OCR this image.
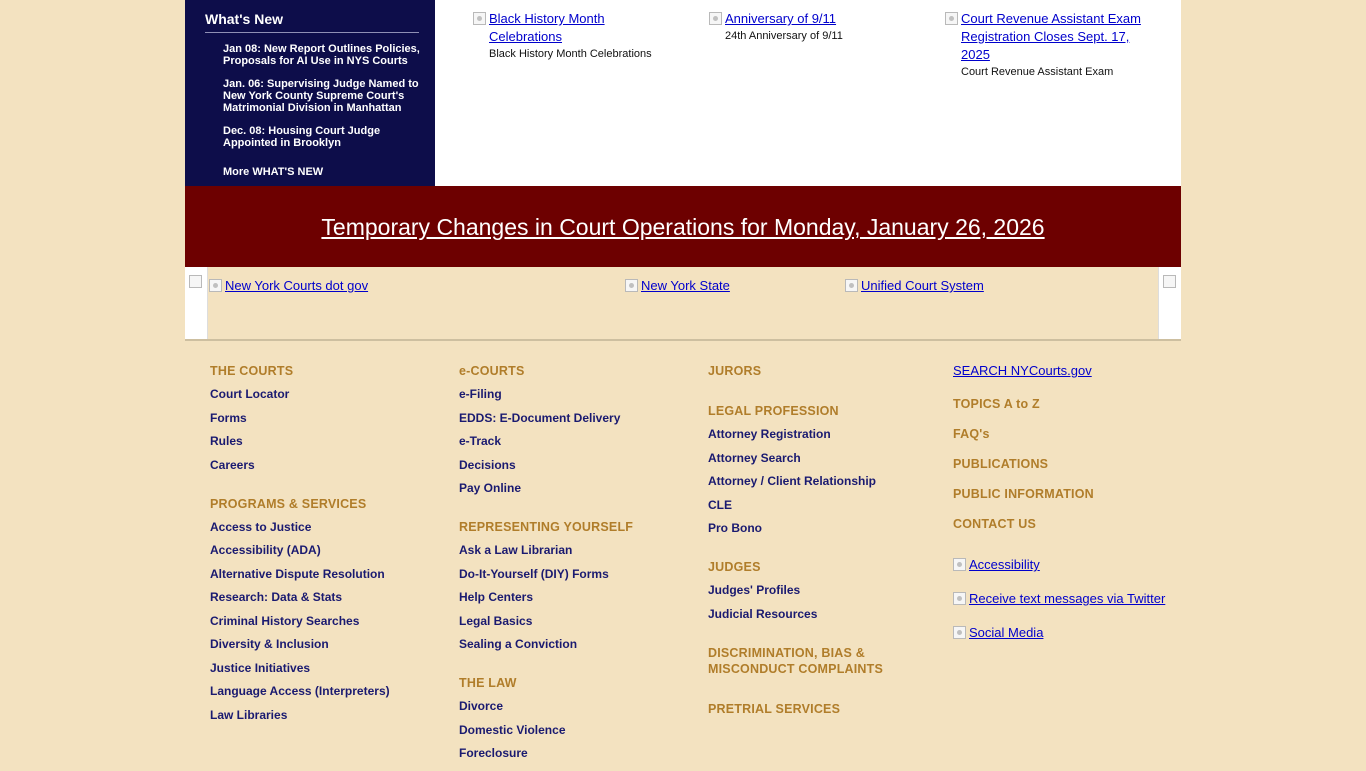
What's New
Jan 08: New Report Outlines Policies, Proposals for AI Use in NYS Courts
Jan. 06: Supervising Judge Named to New York County Supreme Court's Matrimonial Division in Manhattan
Dec. 08: Housing Court Judge Appointed in Brooklyn
More WHAT'S NEW
Black History Month Celebrations
Black History Month Celebrations
Anniversary of 9/11
24th Anniversary of 9/11
Court Revenue Assistant Exam Registration Closes Sept. 17, 2025
Court Revenue Assistant Exam
Temporary Changes in Court Operations for Monday, January 26, 2026
New York Courts dot gov	New York State	Unified Court System
THE COURTS
Court Locator
Forms
Rules
Careers
PROGRAMS & SERVICES
Access to Justice
Accessibility (ADA)
Alternative Dispute Resolution
Research: Data & Stats
Criminal History Searches
Diversity & Inclusion
Justice Initiatives
Language Access (Interpreters)
Law Libraries
e-COURTS
e-Filing
EDDS: E-Document Delivery
e-Track
Decisions
Pay Online
REPRESENTING YOURSELF
Ask a Law Librarian
Do-It-Yourself (DIY) Forms
Help Centers
Legal Basics
Sealing a Conviction
THE LAW
Divorce
Domestic Violence
Foreclosure
JURORS
LEGAL PROFESSION
Attorney Registration
Attorney Search
Attorney / Client Relationship
CLE
Pro Bono
JUDGES
Judges' Profiles
Judicial Resources
DISCRIMINATION, BIAS & MISCONDUCT COMPLAINTS
PRETRIAL SERVICES
SEARCH NYCourts.gov
TOPICS A to Z
FAQ's
PUBLICATIONS
PUBLIC INFORMATION
CONTACT US
Accessibility
Receive text messages via Twitter
Social Media
